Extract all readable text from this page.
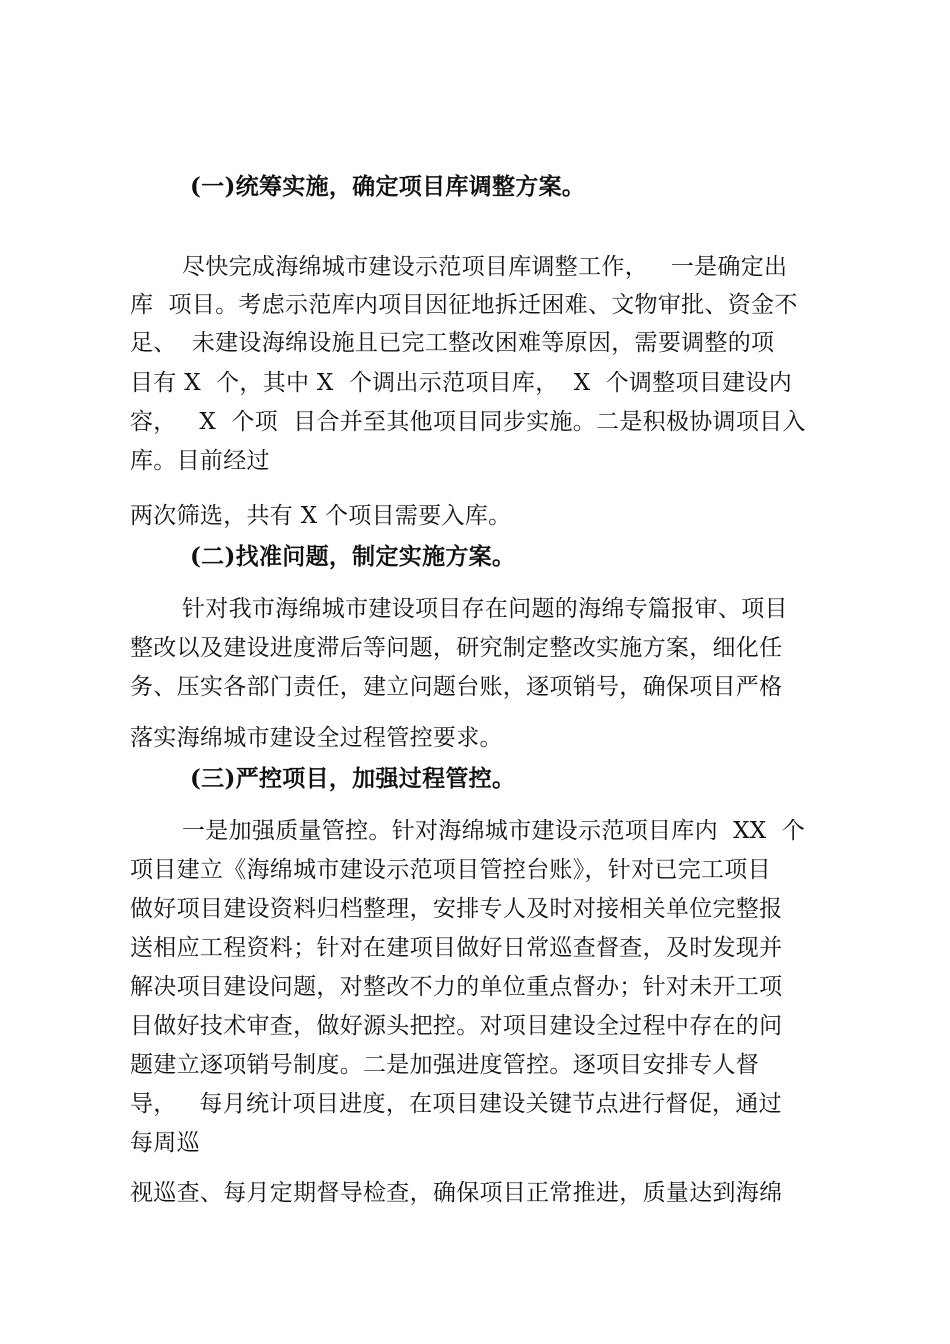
(一)统筹实施，确定项目库调整方案。
尽快完成海绵城市建设示范项目库调整工作，   一是确定出
库  项目。考虑示范库内项目因征地拆迁困难、文物审批、资金不
足、  未建设海绵设施且已完工整改困难等原因，需要调整的项
目有 X  个，其中 X  个调出示范项目库，  X  个调整项目建设内
容，   X  个项  目合并至其他项目同步实施。二是积极协调项目入
库。目前经过
两次筛选，共有 X 个项目需要入库。
(二)找准问题，制定实施方案。
针对我市海绵城市建设项目存在问题的海绵专篇报审、项目
整改以及建设进度滞后等问题，研究制定整改实施方案，细化任
务、压实各部门责任，建立问题台账，逐项销号，确保项目严格
落实海绵城市建设全过程管控要求。
(三)严控项目，加强过程管控。
一是加强质量管控。针对海绵城市建设示范项目库内  XX  个
项目建立《海绵城市建设示范项目管控台账》，针对已完工项目
做好项目建设资料归档整理，安排专人及时对接相关单位完整报
送相应工程资料；针对在建项目做好日常巡查督查，及时发现并
解决项目建设问题，对整改不力的单位重点督办；针对未开工项
目做好技术审查，做好源头把控。对项目建设全过程中存在的问
题建立逐项销号制度。二是加强进度管控。逐项目安排专人督
导，   每月统计项目进度，在项目建设关键节点进行督促，通过
每周巡
视巡查、每月定期督导检查，确保项目正常推进，质量达到海绵
